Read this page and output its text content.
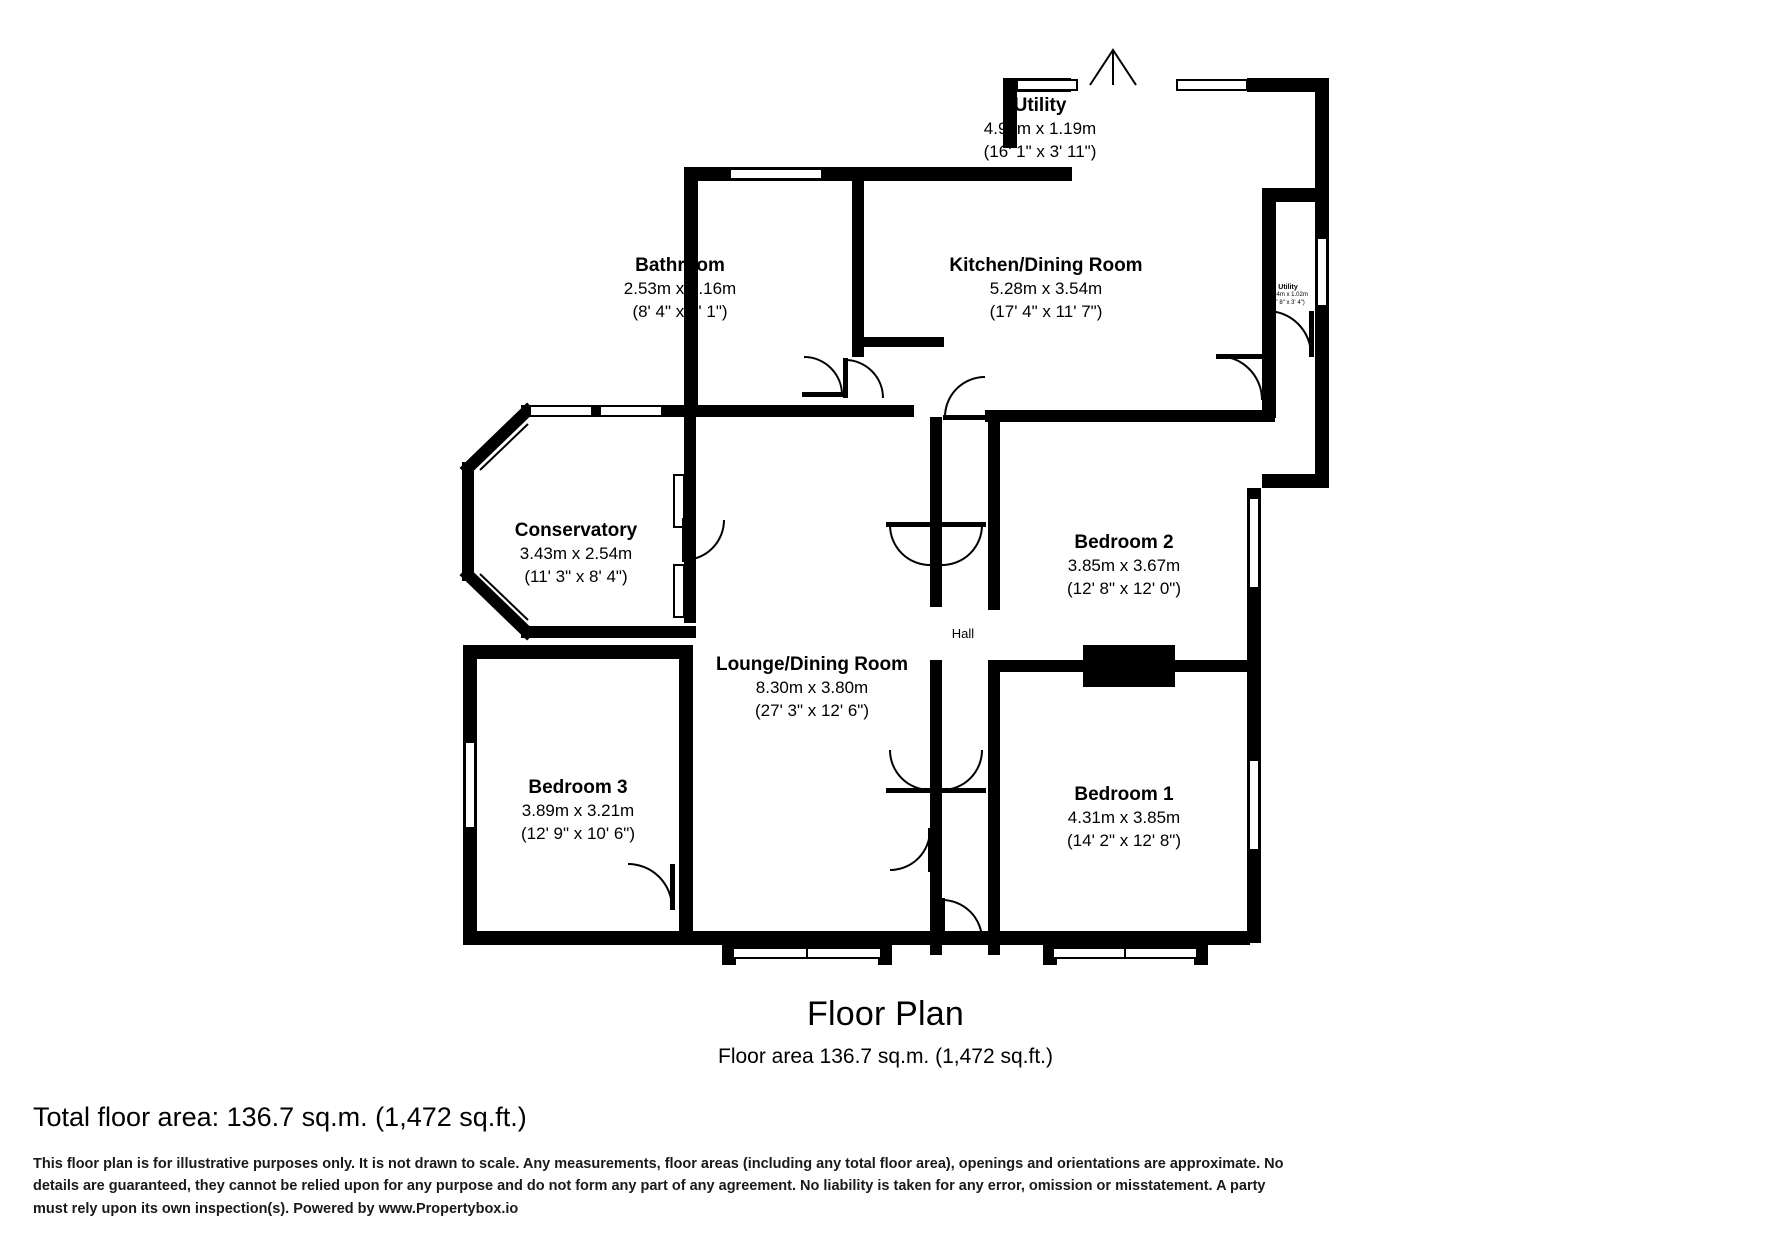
Utility
4.90m x 1.19m
(16' 1" x 3' 11")
Bathroom
2.53m x 2.16m
(8' 4" x 7' 1")
Kitchen/Dining Room
5.28m x 3.54m
(17' 4" x 11' 7")
Utility
2.34m x 1.02m
(7' 8" x 3' 4")
Conservatory
3.43m x 2.54m
(11' 3" x 8' 4")
Bedroom 2
3.85m x 3.67m
(12' 8" x 12' 0")
Hall
Lounge/Dining Room
8.30m x 3.80m
(27' 3" x 12' 6")
Bedroom 3
3.89m x 3.21m
(12' 9" x 10' 6")
Bedroom 1
4.31m x 3.85m
(14' 2" x 12' 8")
Floor Plan
Floor area 136.7 sq.m. (1,472 sq.ft.)
Total floor area: 136.7 sq.m. (1,472 sq.ft.)
This floor plan is for illustrative purposes only. It is not drawn to scale. Any measurements, floor areas (including any total floor area), openings and orientations are approximate. No details are guaranteed, they cannot be relied upon for any purpose and do not form any part of any agreement. No liability is taken for any error, omission or misstatement. A party must rely upon its own inspection(s). Powered by www.Propertybox.io
